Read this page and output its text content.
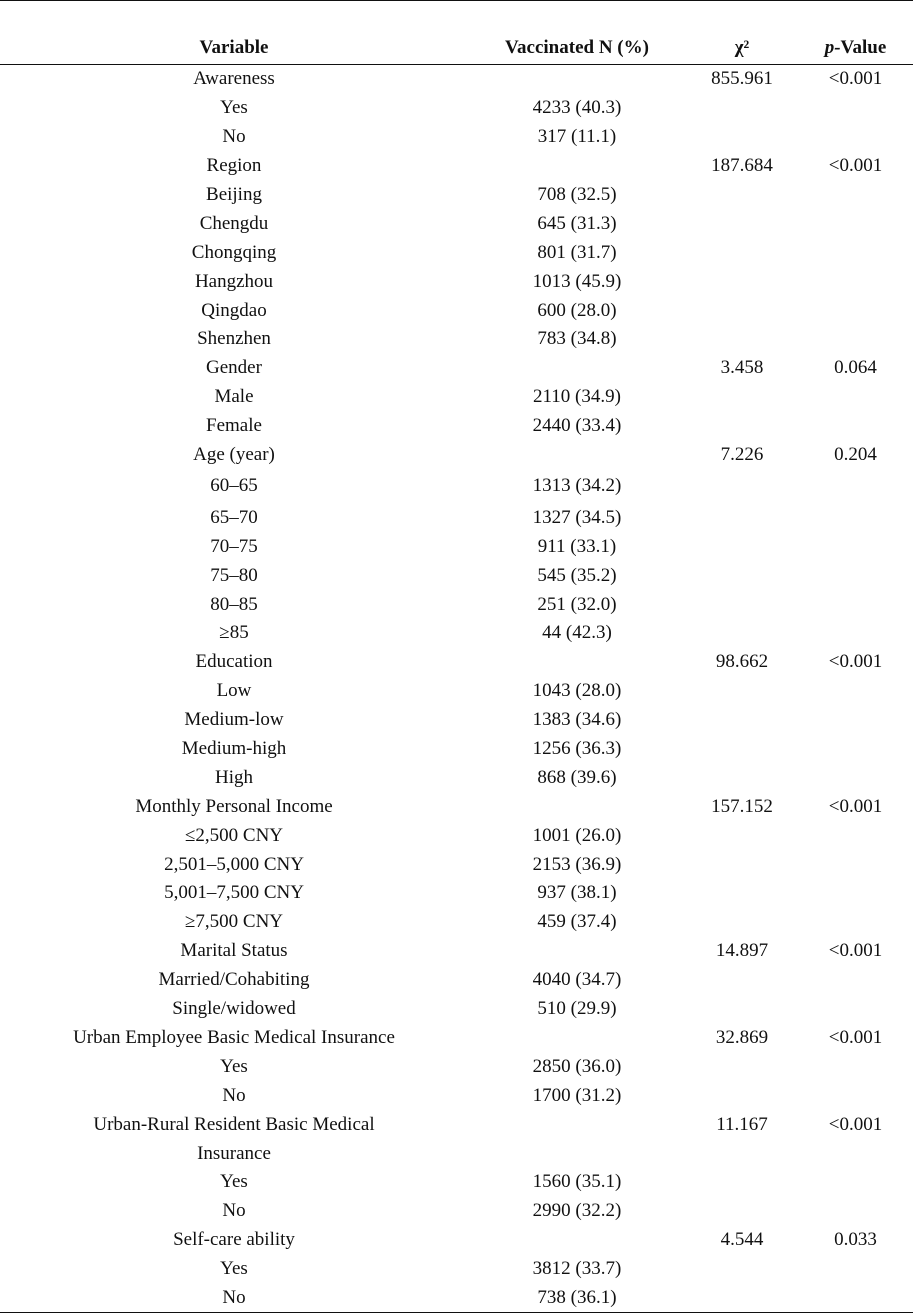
Variable	Vaccinated N (%)	χ²	p-Value
Awareness		855.961	<0.001
Yes	4233 (40.3)		
No	317 (11.1)		
Region		187.684	<0.001
Beijing	708 (32.5)		
Chengdu	645 (31.3)		
Chongqing	801 (31.7)		
Hangzhou	1013 (45.9)		
Qingdao	600 (28.0)		
Shenzhen	783 (34.8)		
Gender		3.458	0.064
Male	2110 (34.9)		
Female	2440 (33.4)		
Age (year)		7.226	0.204
60–65	1313 (34.2)		
65–70	1327 (34.5)		
70–75	911 (33.1)		
75–80	545 (35.2)		
80–85	251 (32.0)		
≥85	44 (42.3)		
Education		98.662	<0.001
Low	1043 (28.0)		
Medium-low	1383 (34.6)		
Medium-high	1256 (36.3)		
High	868 (39.6)		
Monthly Personal Income		157.152	<0.001
≤2,500 CNY	1001 (26.0)		
2,501–5,000 CNY	2153 (36.9)		
5,001–7,500 CNY	937 (38.1)		
≥7,500 CNY	459 (37.4)		
Marital Status		14.897	<0.001
Married/Cohabiting	4040 (34.7)		
Single/widowed	510 (29.9)		
Urban Employee Basic Medical Insurance		32.869	<0.001
Yes	2850 (36.0)		
No	1700 (31.2)		
Urban-Rural Resident Basic Medical		11.167	<0.001
Insurance			
Yes	1560 (35.1)		
No	2990 (32.2)		
Self-care ability		4.544	0.033
Yes	3812 (33.7)		
No	738 (36.1)		
